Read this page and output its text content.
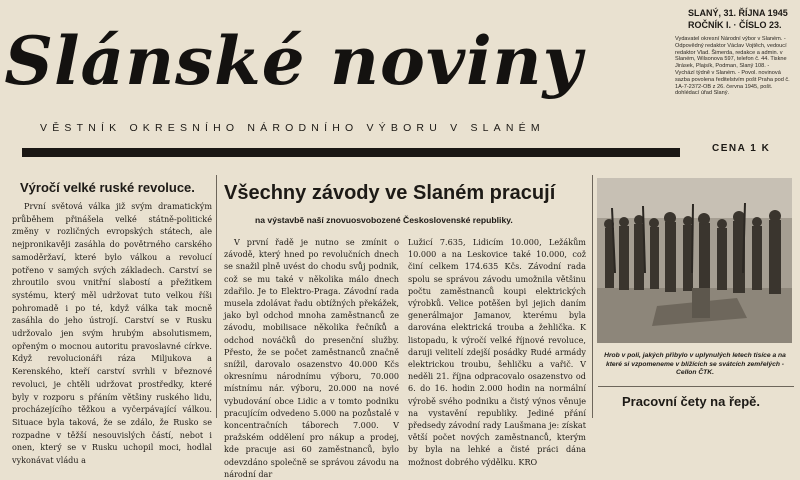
Slánské noviny
VĚSTNÍK OKRESNÍHO NÁRODNÍHO VÝBORU V SLANÉM
SLANÝ, 31. ŘÍJNA 1945
ROČNÍK I. · ČÍSLO 23.
Vydavatel okresní Národní výbor v Slaném. - Odpovědný redaktor Václav Vojtěch, vedoucí redaktor Vlad. Šimerda, redakce a admin. v Slaném, Wilsonova 597, telefon č. 44. Tiskne Jirásek, Plajsík, Podman, Slaný 108. - Vychází týdně v Slaném. - Povol. novinová sazba povolena ředitelstvím pošt Praha pod č. 1A-7-2372-OB z 26. června 1945, pošt. dohlédací úřad Slaný.
CENA 1 K
Výročí velké ruské revoluce.
První světová válka již svým dramatickým průběhem přinášela velké státně-politické změny v rozličných evropských státech, ale nejpronikavěji zasáhla do povětrného carského samoděržaví, které bylo válkou a revolucí potřeno v samých svých základech. Carství se zhroutilo svou vnitřní slabostí a přežitkem systému, který měl udržovat tuto velkou říši pohromadě i po té, když válka tak mocně zasáhla do jeho ústrojí. Carství se v Rusku udržovalo jen svým hrubým absolutismem, opřeným o mocnou autoritu pravoslavné církve. Když revolucionáři ráza Miljukova a Kerenského, kteří carství svrhli v březnové revoluci, je chtěli udržovat prostředky, které byly v rozporu s přáním většiny ruského lidu, procházejícího těžkou a vyčerpávající válkou. Situace byla taková, že se zdálo, že Rusko se rozpadne v těžší nesouvislých částí, nebot i onen, který se v Rusku uchopil moci, hodlal vykonávat vládu a
Všechny závody ve Slaném pracují
na výstavbě naší znovuosvobozené Československé republiky.
V první řadě je nutno se zmínit o závodě, který hned po revolučních dnech se snažil plně uvést do chodu svůj podnik, což se mu také v několika málo dnech zdařilo. Je to Elektro-Praga. Závodní rada musela zdolávat řadu obtížných překážek, jako byl odchod mnoha zaměstnanců ze závodu, mobilisace několika řečníků a odchod nováčků do presenční služby. Přesto, že se počet zaměstnanců značně snížil, darovalo osazenstvo 40.000 Kčs okresnímu národnímu výboru, 70.000 místnímu nár. výboru, 20.000 na nové vybudování obce Lidic a v tomto podniku pracujícím odvedeno 5.000 na pozůstalé v koncentračních táborech 7.000. V pražském oddělení pro nákup a prodej, kde pracuje asi 60 zaměstnanců, bylo odevzdáno společně se správou závodu na národní dar
Lužicí 7.635, Lidicím 10.000, Ležákům 10.000 a na Leskovice také 10.000, což činí celkem 174.635 Kčs. Závodní rada spolu se správou závodu umožnila většinu počtu zaměstnanců koupi elektrických výrobků. Velice potěšen byl jejich daním generálmajor Jamanov, kterému byla darována elektrická trouba a žehlička. K listopadu, k výročí velké říjnové revoluce, daruji velitelí zdejší posádky Rudé armády elektrickou troubu, šehličku a vařič. V neděli 21. října odpracovalo osazenstvo od 6. do 16. hodin 2.000 hodin na normální výrobě svého podniku a čistý výnos věnuje na vystavění republiky. Jediné přání předsedy závodní rady Laušmana je: získat větší počet nových zaměstnanců, kterým by byla na lehké a čisté práci dána možnost dobrého výdělku. KRO
Hrob v poli, jakých přibylo v uplynulých letech tisíce a na které si vzpomeneme v blížících se svátcích zemřelých - Cellon ČTK.
Pracovní čety na řepě.
